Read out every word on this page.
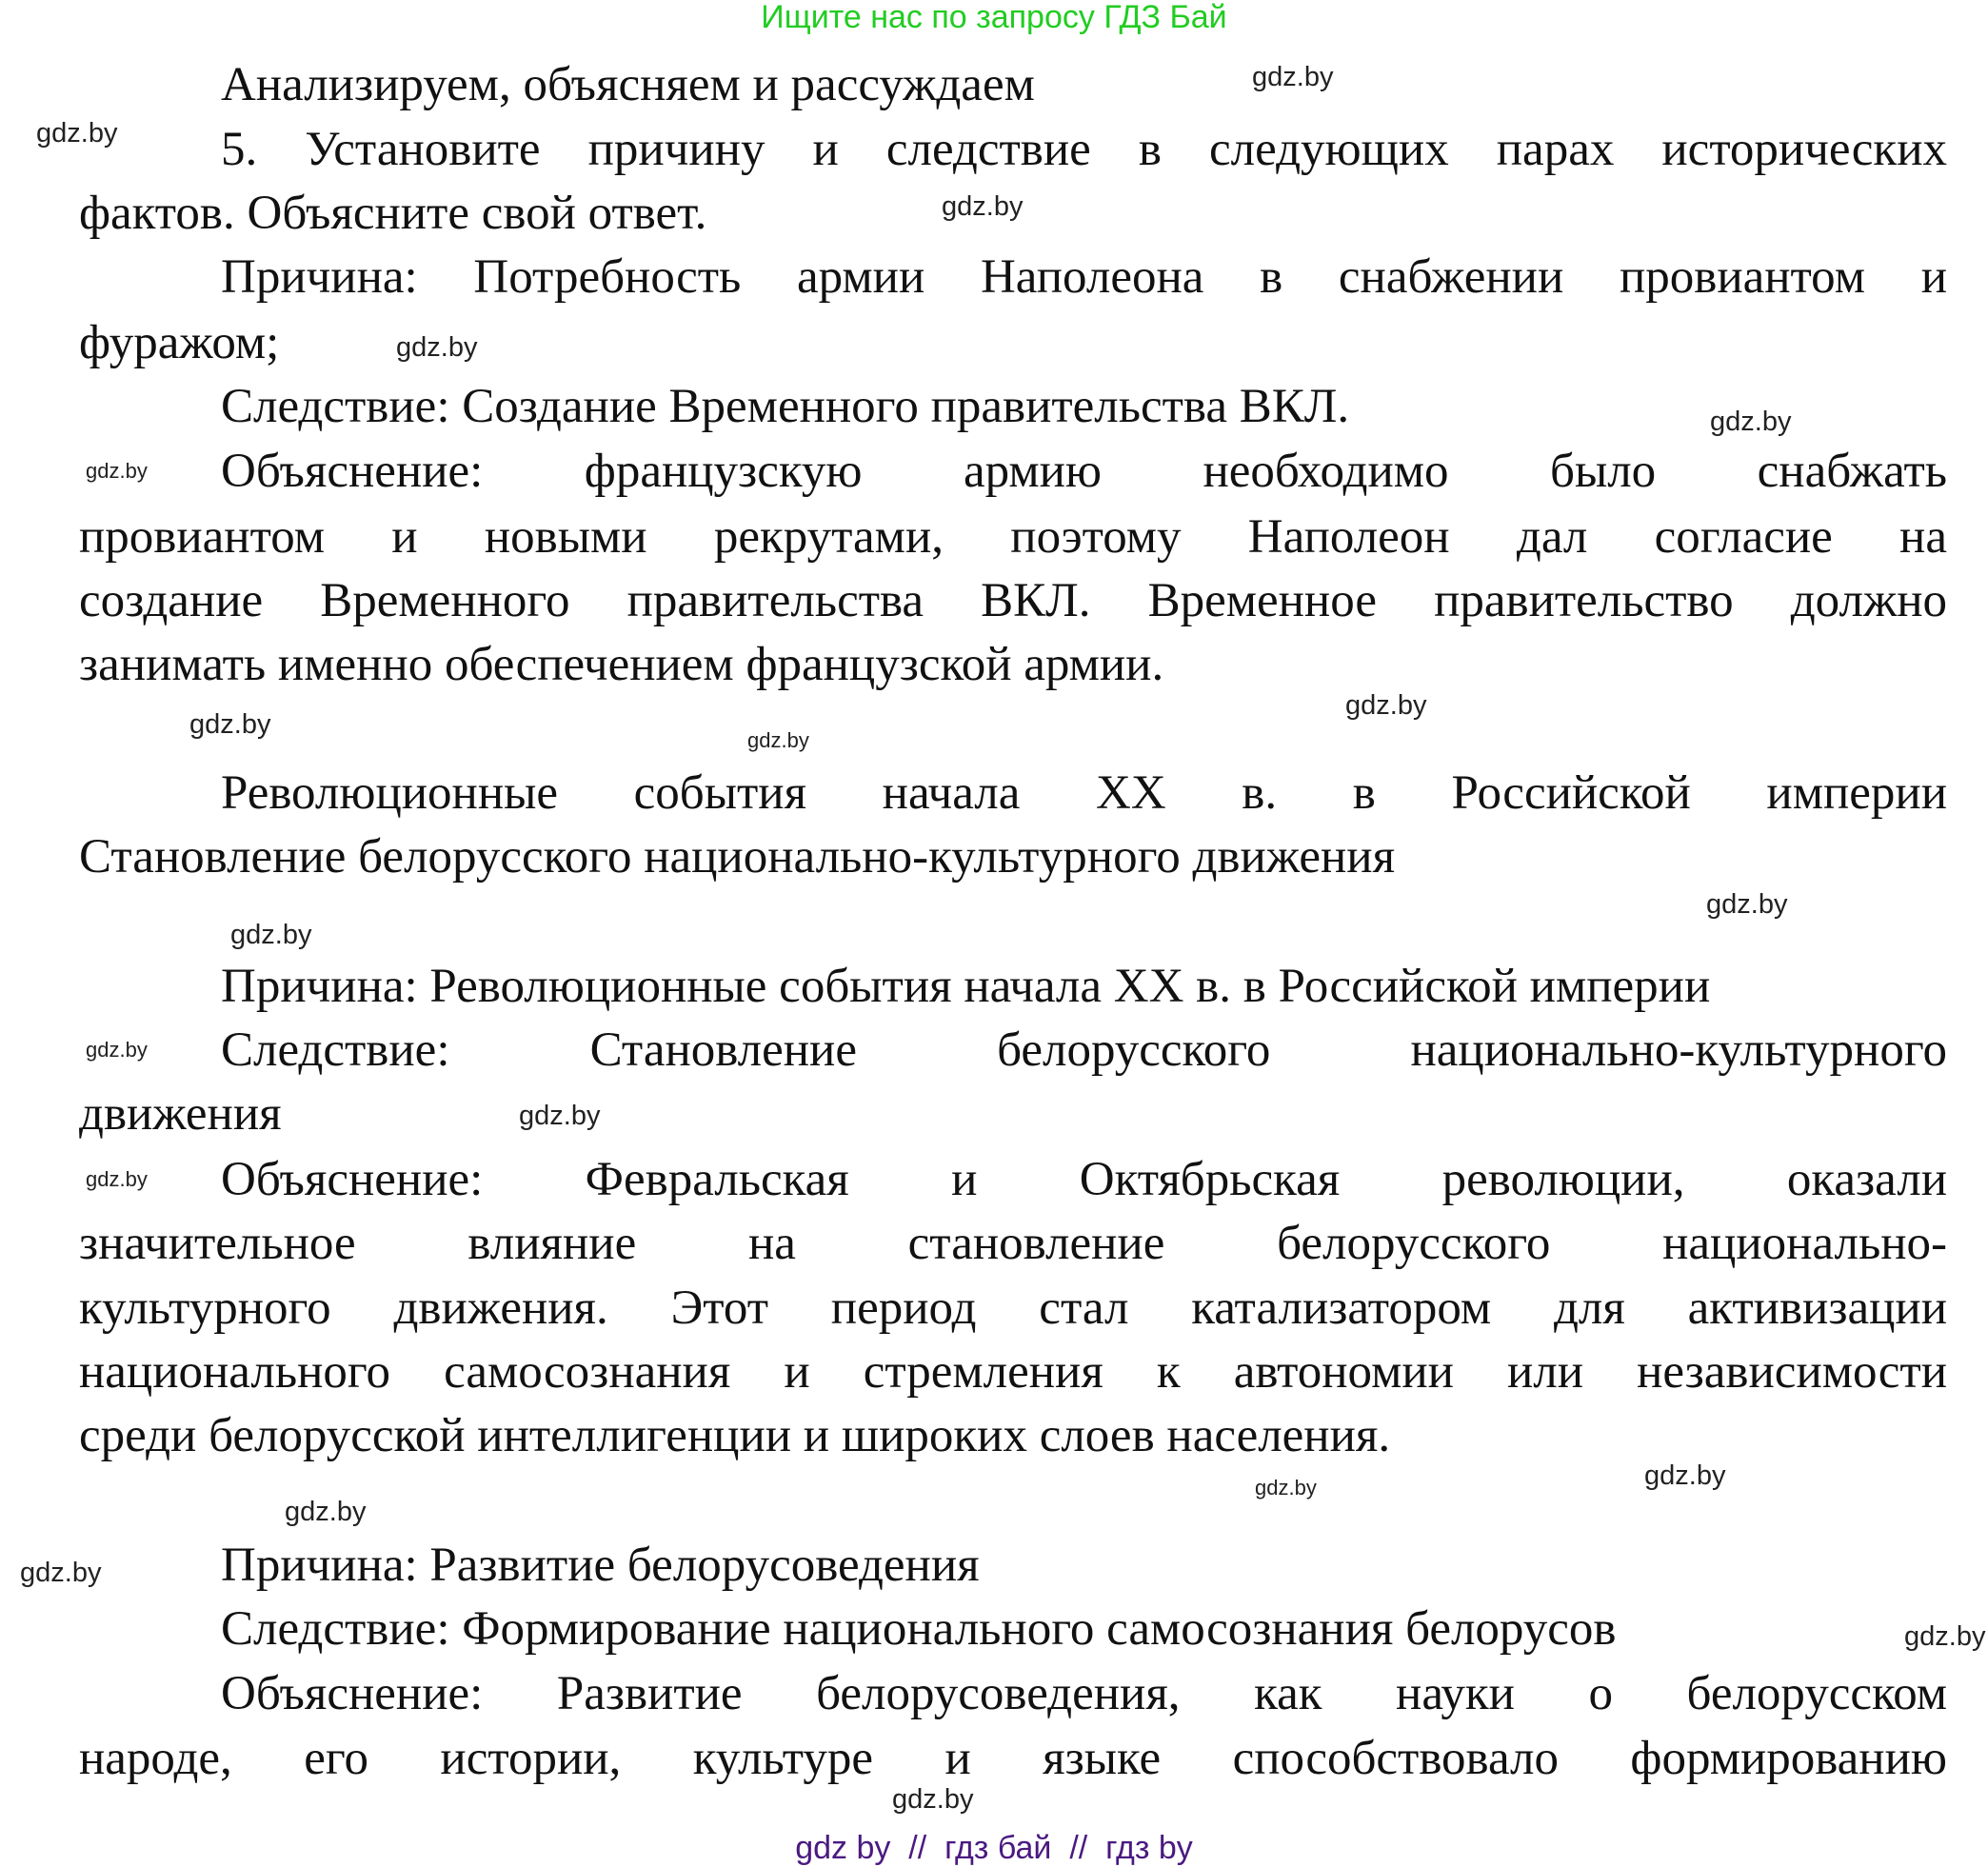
Ищите нас по запросу ГДЗ Бай
Анализируем, объясняем и рассуждаем
5. Установите причину и следствие в следующих парах исторических
фактов. Объясните свой ответ.
Причина: Потребность армии Наполеона в снабжении провиантом и
фуражом;
Следствие: Создание Временного правительства ВКЛ.
Объяснение: французскую армию необходимо было снабжать
провиантом и новыми рекрутами, поэтому Наполеон дал согласие на
создание Временного правительства ВКЛ. Временное правительство должно
занимать именно обеспечением французской армии.
Революционные события начала XX в. в Российской империи
Становление белорусского национально-культурного движения
Причина: Революционные события начала XX в. в Российской империи
Следствие: Становление белорусского национально-культурного
движения
Объяснение: Февральская и Октябрьская революции, оказали
значительное влияние на становление белорусского национально-
культурного движения. Этот период стал катализатором для активизации
национального самосознания и стремления к автономии или независимости
среди белорусской интеллигенции и широких слоев населения.
Причина: Развитие белорусоведения
Следствие: Формирование национального самосознания белорусов
Объяснение: Развитие белорусоведения, как науки о белорусском
народе, его истории, культуре и языке способствовало формированию
gdz.by
gdz.by
gdz.by
gdz.by
gdz.by
gdz.by
gdz.by
gdz.by
gdz.by
gdz.by
gdz.by
gdz.by
gdz.by
gdz.by
gdz.by
gdz.by
gdz.by
gdz.by
gdz.by
gdz.by
gdz by  //  гдз бай  //  гдз by
